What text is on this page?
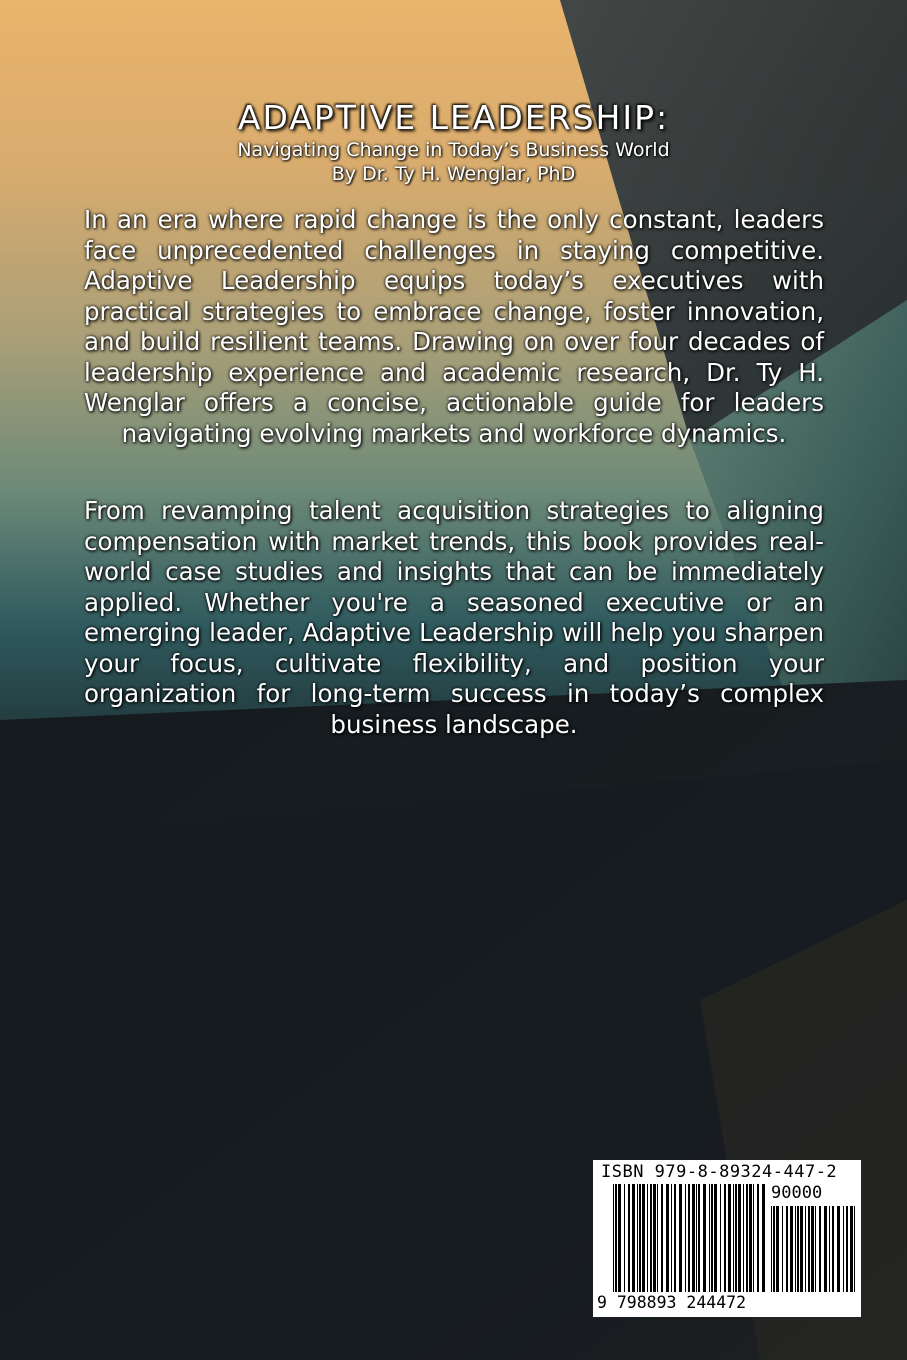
ADAPTIVE LEADERSHIP:
Navigating Change in Today’s Business World
By Dr. Ty H. Wenglar, PhD
In an era where rapid change is the only constant, leaders face unprecedented challenges in staying competitive. Adaptive Leadership equips today’s executives with practical strategies to embrace change, foster innovation, and build resilient teams. Drawing on over four decades of leadership experience and academic research, Dr. Ty H. Wenglar offers a concise, actionable guide for leaders navigating evolving markets and workforce dynamics.
From revamping talent acquisition strategies to aligning compensation with market trends, this book provides real-world case studies and insights that can be immediately applied. Whether you're a seasoned executive or an emerging leader, Adaptive Leadership will help you sharpen your focus, cultivate flexibility, and position your organization for long-term success in today’s complex business landscape.
ISBN 979-8-89324-447-2
90000
9 798893 244472
